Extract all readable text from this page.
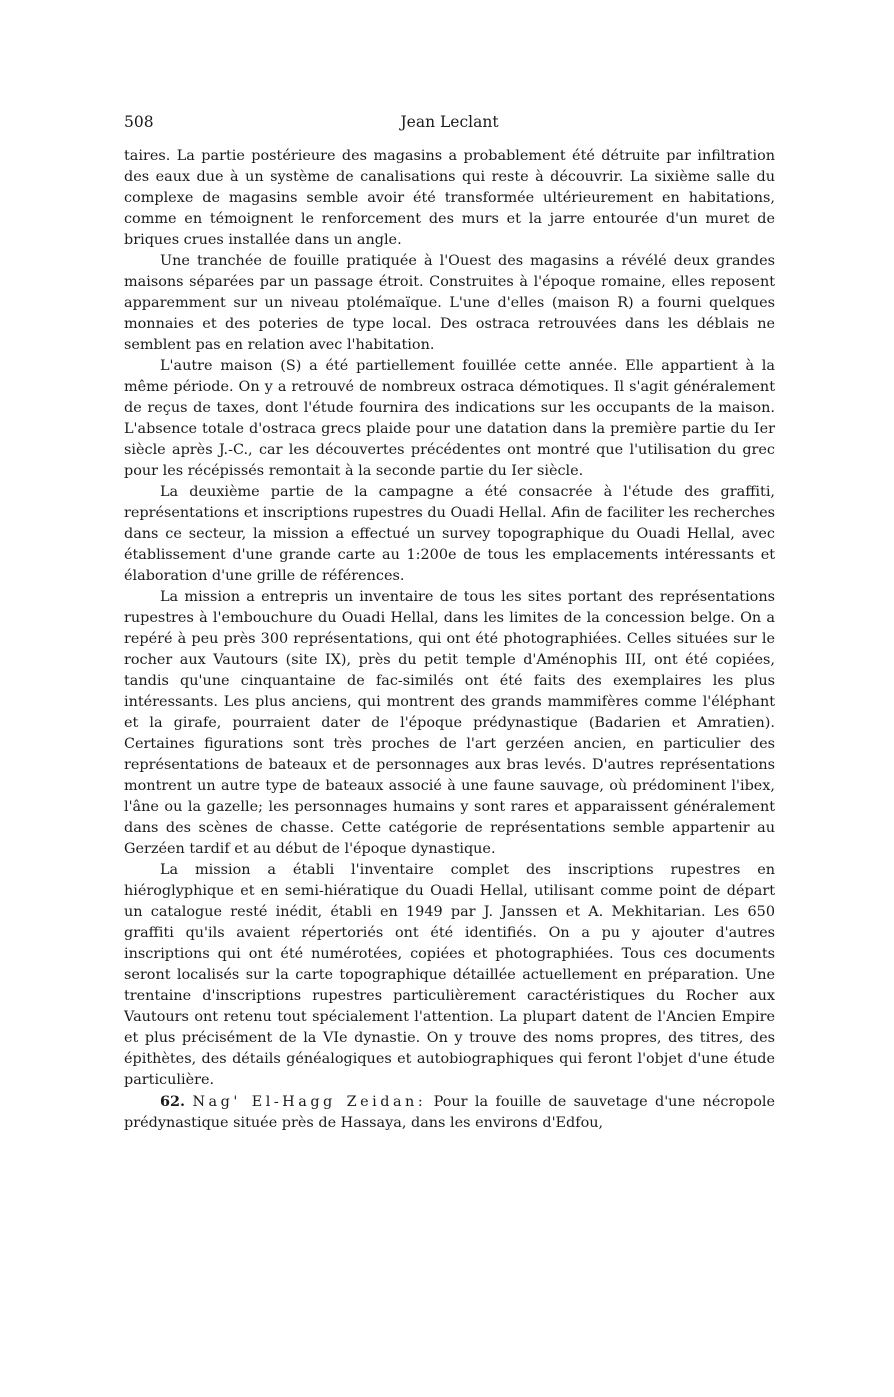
508	Jean Leclant

taires. La partie postérieure des magasins a probablement été détruite par infiltration des eaux due à un système de canalisations qui reste à découvrir. La sixième salle du complexe de magasins semble avoir été transformée ultérieurement en habitations, comme en témoignent le renforcement des murs et la jarre entourée d'un muret de briques crues installée dans un angle.

Une tranchée de fouille pratiquée à l'Ouest des magasins a révélé deux grandes maisons séparées par un passage étroit. Construites à l'époque romaine, elles reposent apparemment sur un niveau ptolémaïque. L'une d'elles (maison R) a fourni quelques monnaies et des poteries de type local. Des ostraca retrouvées dans les déblais ne semblent pas en relation avec l'habitation.

L'autre maison (S) a été partiellement fouillée cette année. Elle appartient à la même période. On y a retrouvé de nombreux ostraca démotiques. Il s'agit généralement de reçus de taxes, dont l'étude fournira des indications sur les occupants de la maison. L'absence totale d'ostraca grecs plaide pour une datation dans la première partie du Ier siècle après J.-C., car les découvertes précédentes ont montré que l'utilisation du grec pour les récépissés remontait à la seconde partie du Ier siècle.

La deuxième partie de la campagne a été consacrée à l'étude des graffiti, représentations et inscriptions rupestres du Ouadi Hellal. Afin de faciliter les recherches dans ce secteur, la mission a effectué un survey topographique du Ouadi Hellal, avec établissement d'une grande carte au 1:200e de tous les emplacements intéressants et élaboration d'une grille de références.

La mission a entrepris un inventaire de tous les sites portant des représentations rupestres à l'embouchure du Ouadi Hellal, dans les limites de la concession belge. On a repéré à peu près 300 représentations, qui ont été photographiées. Celles situées sur le rocher aux Vautours (site IX), près du petit temple d'Aménophis III, ont été copiées, tandis qu'une cinquantaine de fac-similés ont été faits des exemplaires les plus intéressants. Les plus anciens, qui montrent des grands mammifères comme l'éléphant et la girafe, pourraient dater de l'époque prédynastique (Badarien et Amratien). Certaines figurations sont très proches de l'art gerzéen ancien, en particulier des représentations de bateaux et de personnages aux bras levés. D'autres représentations montrent un autre type de bateaux associé à une faune sauvage, où prédominent l'ibex, l'âne ou la gazelle; les personnages humains y sont rares et apparaissent généralement dans des scènes de chasse. Cette catégorie de représentations semble appartenir au Gerzéen tardif et au début de l'époque dynastique.

La mission a établi l'inventaire complet des inscriptions rupestres en hiéroglyphique et en semi-hiératique du Ouadi Hellal, utilisant comme point de départ un catalogue resté inédit, établi en 1949 par J. Janssen et A. Mekhitarian. Les 650 graffiti qu'ils avaient répertoriés ont été identifiés. On a pu y ajouter d'autres inscriptions qui ont été numérotées, copiées et photographiées. Tous ces documents seront localisés sur la carte topographique détaillée actuellement en préparation. Une trentaine d'inscriptions rupestres particulièrement caractéristiques du Rocher aux Vautours ont retenu tout spécialement l'attention. La plupart datent de l'Ancien Empire et plus précisément de la VIe dynastie. On y trouve des noms propres, des titres, des épithètes, des détails généalogiques et autobiographiques qui feront l'objet d'une étude particulière.

62. Nag' El-Hagg Zeidan: Pour la fouille de sauvetage d'une nécropole prédynastique située près de Hassaya, dans les environs d'Edfou,
